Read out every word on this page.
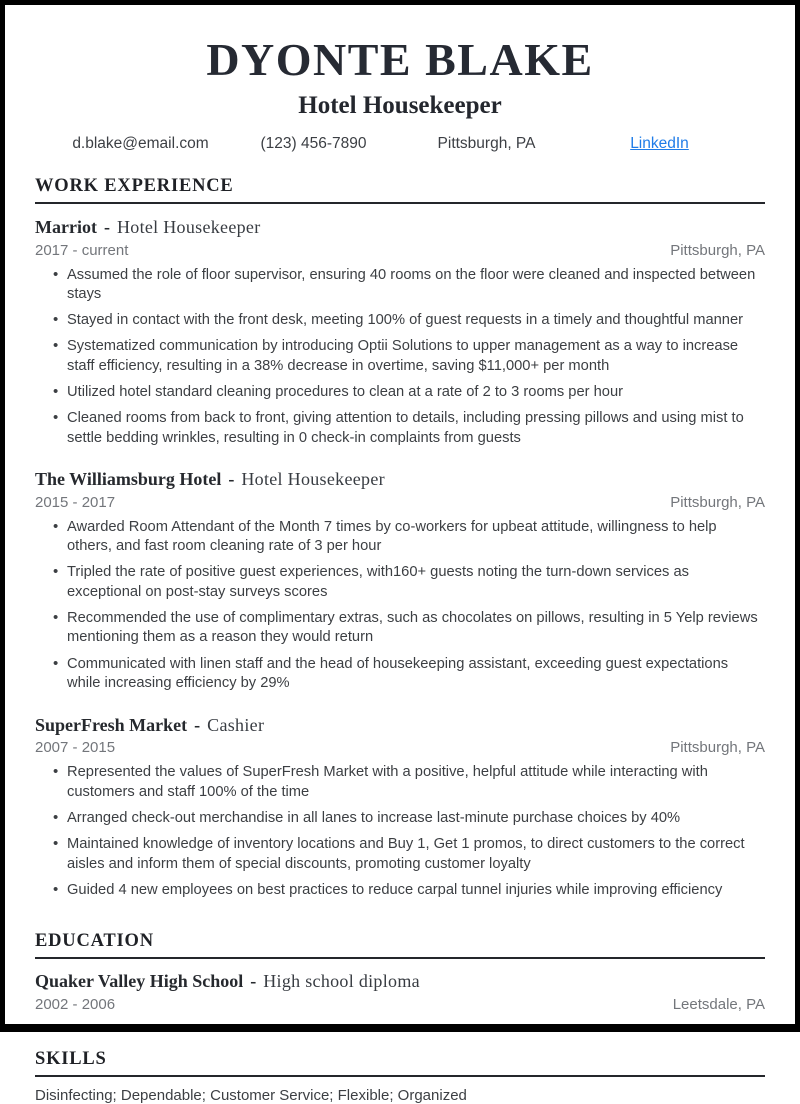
DYONTE BLAKE
Hotel Housekeeper
d.blake@email.com	(123) 456-7890	Pittsburgh, PA	LinkedIn
WORK EXPERIENCE
Marriot - Hotel Housekeeper
2017 - current	Pittsburgh, PA
• Assumed the role of floor supervisor, ensuring 40 rooms on the floor were cleaned and inspected between stays
• Stayed in contact with the front desk, meeting 100% of guest requests in a timely and thoughtful manner
• Systematized communication by introducing Optii Solutions to upper management as a way to increase staff efficiency, resulting in a 38% decrease in overtime, saving $11,000+ per month
• Utilized hotel standard cleaning procedures to clean at a rate of 2 to 3 rooms per hour
• Cleaned rooms from back to front, giving attention to details, including pressing pillows and using mist to settle bedding wrinkles, resulting in 0 check-in complaints from guests
The Williamsburg Hotel - Hotel Housekeeper
2015 - 2017	Pittsburgh, PA
• Awarded Room Attendant of the Month 7 times by co-workers for upbeat attitude, willingness to help others, and fast room cleaning rate of 3 per hour
• Tripled the rate of positive guest experiences, with160+ guests noting the turn-down services as exceptional on post-stay surveys scores
• Recommended the use of complimentary extras, such as chocolates on pillows, resulting in 5 Yelp reviews mentioning them as a reason they would return
• Communicated with linen staff and the head of housekeeping assistant, exceeding guest expectations while increasing efficiency by 29%
SuperFresh Market - Cashier
2007 - 2015	Pittsburgh, PA
• Represented the values of SuperFresh Market with a positive, helpful attitude while interacting with customers and staff 100% of the time
• Arranged check-out merchandise in all lanes to increase last-minute purchase choices by 40%
• Maintained knowledge of inventory locations and Buy 1, Get 1 promos, to direct customers to the correct aisles and inform them of special discounts, promoting customer loyalty
• Guided 4 new employees on best practices to reduce carpal tunnel injuries while improving efficiency
EDUCATION
Quaker Valley High School - High school diploma
2002 - 2006	Leetsdale, PA
SKILLS
Disinfecting; Dependable; Customer Service; Flexible; Organized
